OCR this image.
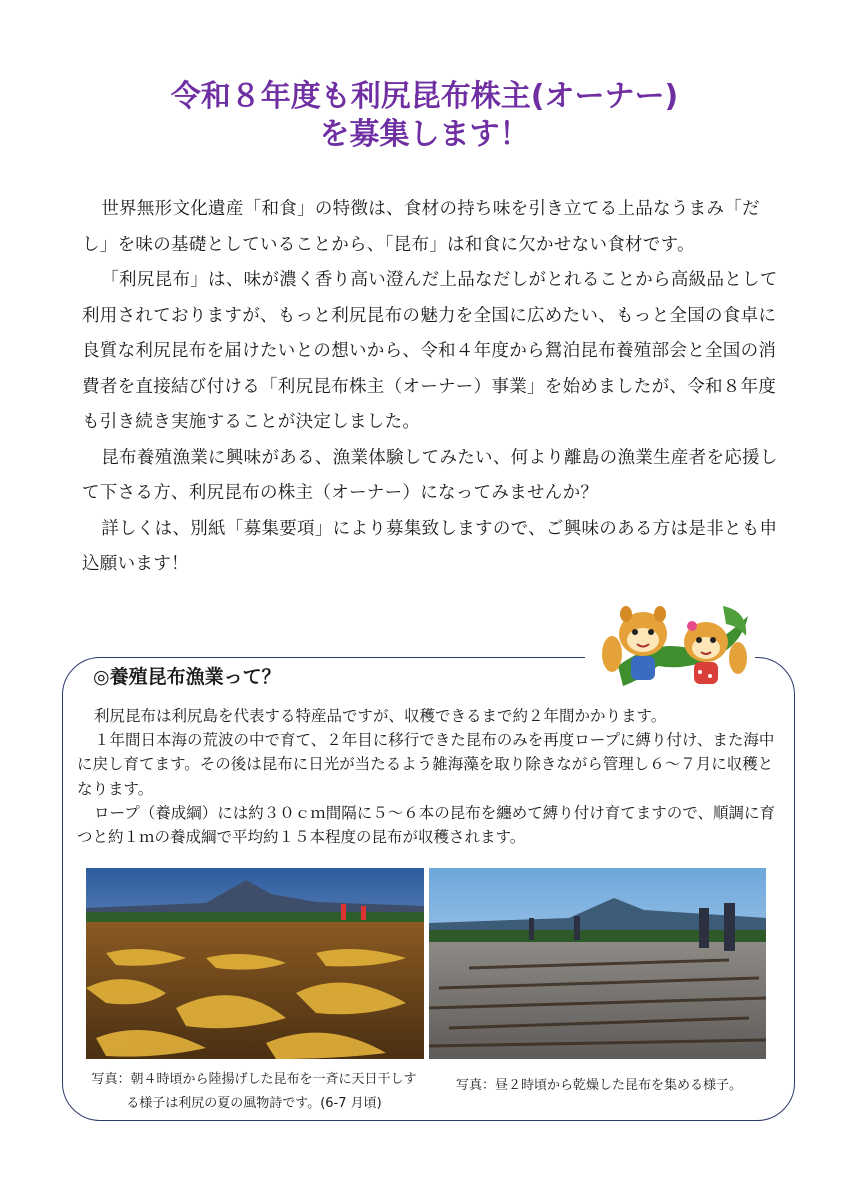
令和８年度も利尻昆布株主(オーナー)
を募集します！

世界無形文化遺産「和食」の特徴は、食材の持ち味を引き立てる上品なうまみ「だし」を味の基礎としていることから、「昆布」は和食に欠かせない食材です。

「利尻昆布」は、味が濃く香り高い澄んだ上品なだしがとれることから高級品として利用されておりますが、もっと利尻昆布の魅力を全国に広めたい、もっと全国の食卓に良質な利尻昆布を届けたいとの想いから、令和４年度から鴛泊昆布養殖部会と全国の消費者を直接結び付ける「利尻昆布株主（オーナー）事業」を始めましたが、令和８年度も引き続き実施することが決定しました。

昆布養殖漁業に興味がある、漁業体験してみたい、何より離島の漁業生産者を応援して下さる方、利尻昆布の株主（オーナー）になってみませんか？

詳しくは、別紙「募集要項」により募集致しますので、ご興味のある方は是非とも申込願います！

◎養殖昆布漁業って？

利尻昆布は利尻島を代表する特産品ですが、収穫できるまで約２年間かかります。

１年間日本海の荒波の中で育て、２年目に移行できた昆布のみを再度ロープに縛り付け、また海中に戻し育てます。その後は昆布に日光が当たるよう雑海藻を取り除きながら管理し６～７月に収穫となります。

ロープ（養成綱）には約３０ｃｍ間隔に５～６本の昆布を纏めて縛り付け育てますので、順調に育つと約１ｍの養成綱で平均約１５本程度の昆布が収穫されます。

写真：朝４時頃から陸揚げした昆布を一斉に天日干しす
る様子は利尻の夏の風物詩です。(6-7 月頃)
写真：昼２時頃から乾燥した昆布を集める様子。
